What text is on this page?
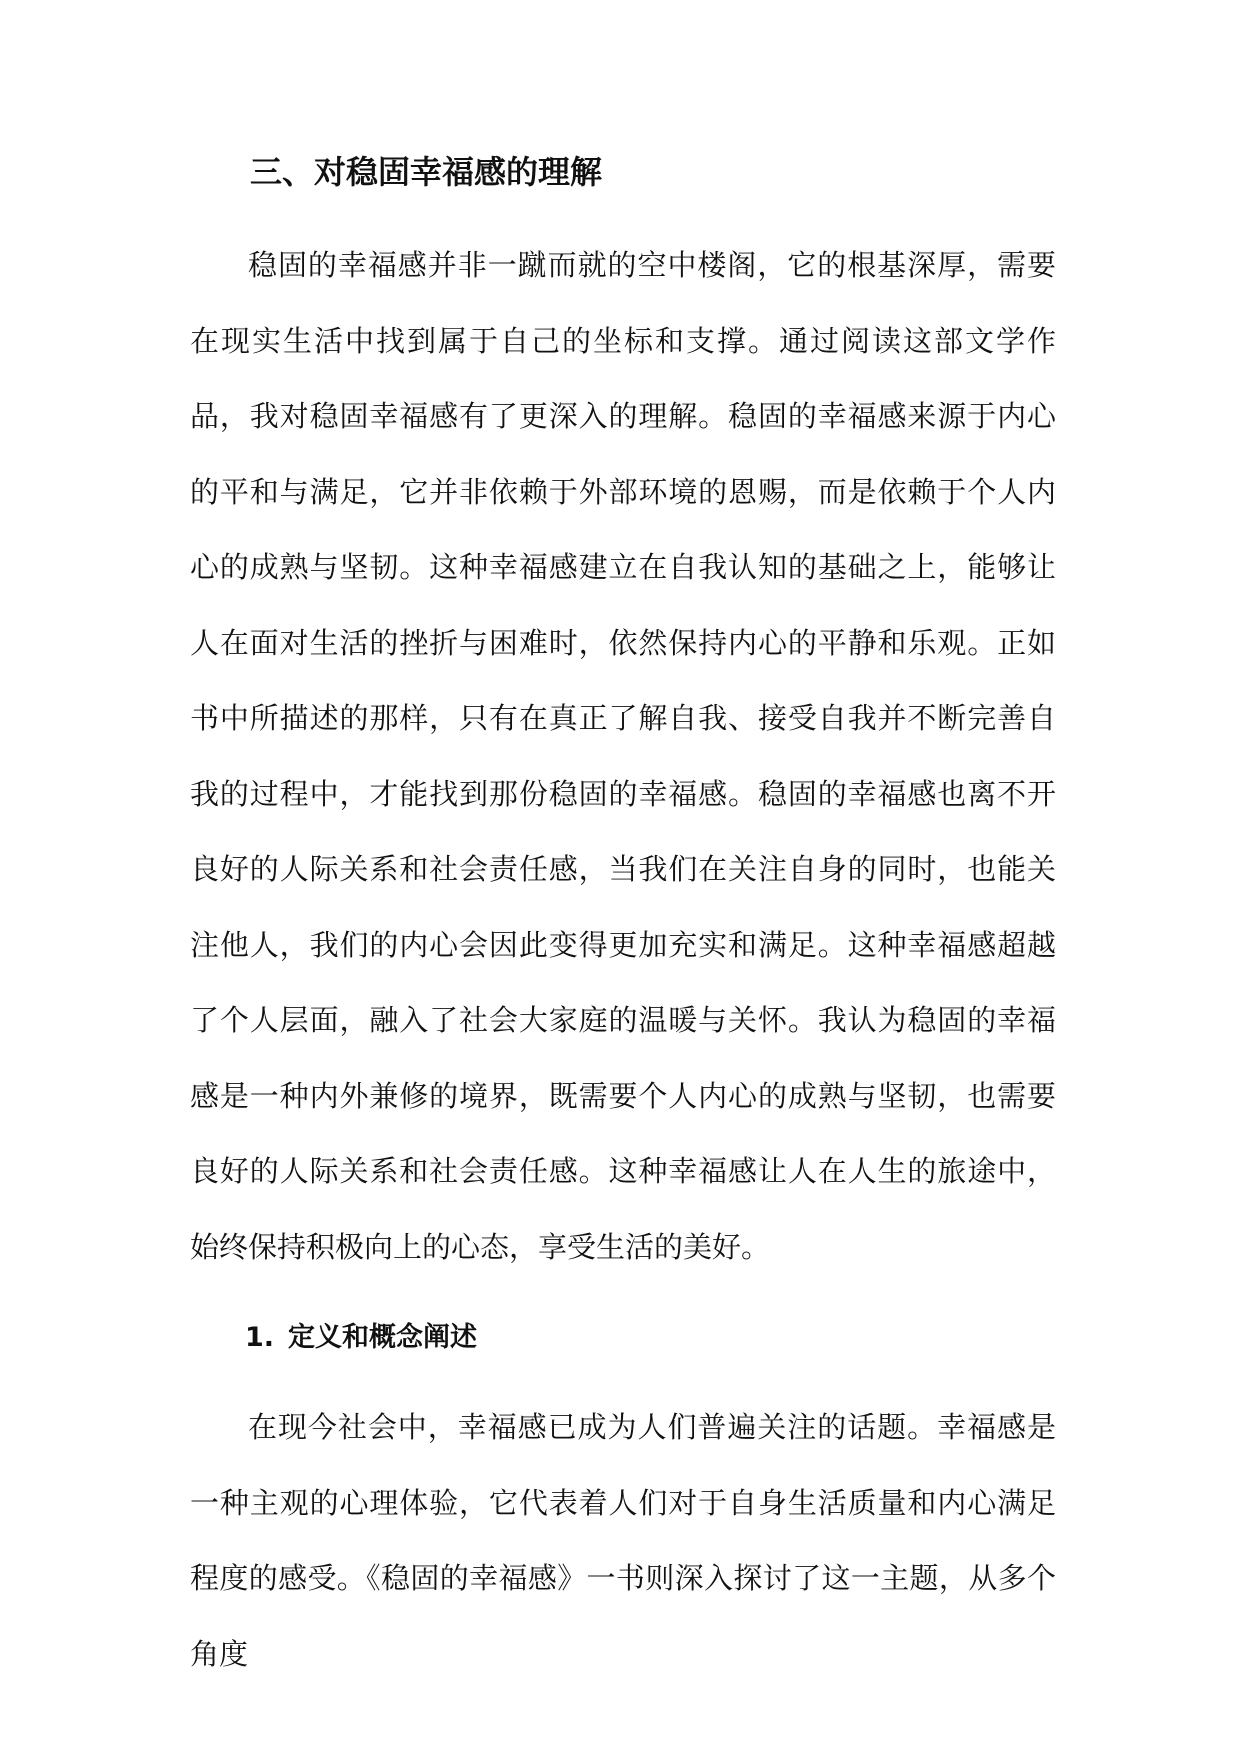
三、对稳固幸福感的理解

稳固的幸福感并非一蹴而就的空中楼阁，它的根基深厚，需要在现实生活中找到属于自己的坐标和支撑。通过阅读这部文学作品，我对稳固幸福感有了更深入的理解。稳固的幸福感来源于内心的平和与满足，它并非依赖于外部环境的恩赐，而是依赖于个人内心的成熟与坚韧。这种幸福感建立在自我认知的基础之上，能够让人在面对生活的挫折与困难时，依然保持内心的平静和乐观。正如书中所描述的那样，只有在真正了解自我、接受自我并不断完善自我的过程中，才能找到那份稳固的幸福感。稳固的幸福感也离不开良好的人际关系和社会责任感，当我们在关注自身的同时，也能关注他人，我们的内心会因此变得更加充实和满足。这种幸福感超越了个人层面，融入了社会大家庭的温暖与关怀。我认为稳固的幸福感是一种内外兼修的境界，既需要个人内心的成熟与坚韧，也需要良好的人际关系和社会责任感。这种幸福感让人在人生的旅途中，始终保持积极向上的心态，享受生活的美好。

1. 定义和概念阐述

在现今社会中，幸福感已成为人们普遍关注的话题。幸福感是一种主观的心理体验，它代表着人们对于自身生活质量和内心满足程度的感受。《稳固的幸福感》一书则深入探讨了这一主题，从多个角度
